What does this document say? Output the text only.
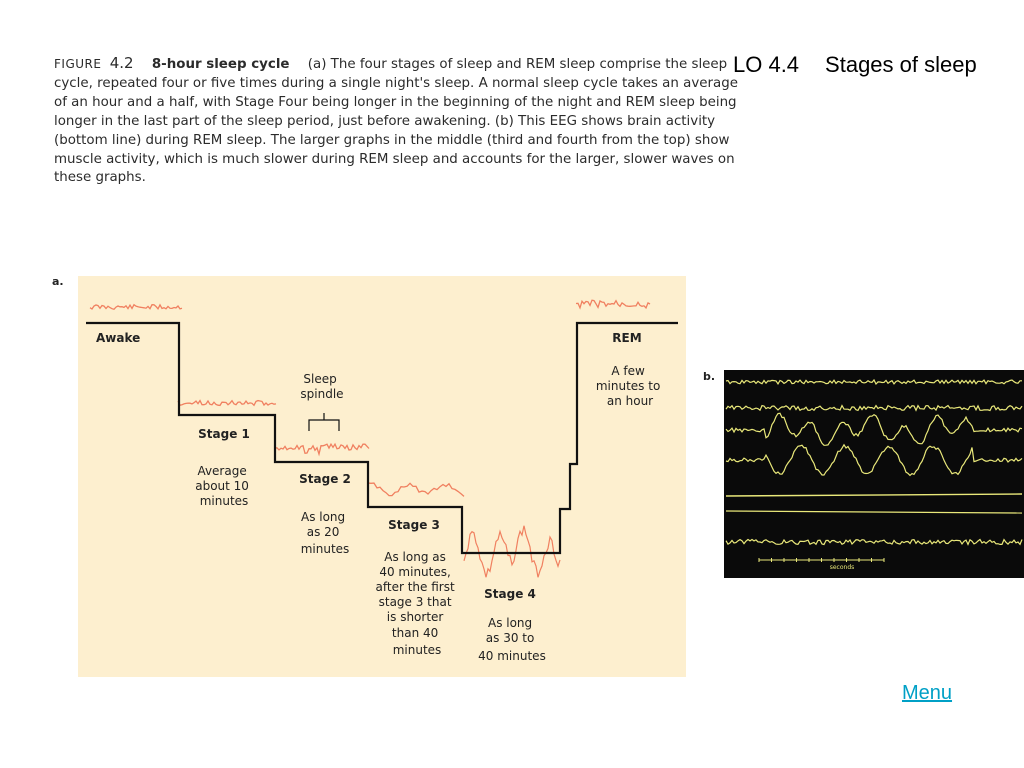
LO 4.4 Stages of sleep
FIGURE 4.2 8-hour sleep cycle (a) The four stages of sleep and REM sleep comprise the sleep cycle, repeated four or five times during a single night's sleep. A normal sleep cycle takes an average of an hour and a half, with Stage Four being longer in the beginning of the night and REM sleep being longer in the last part of the sleep period, just before awakening. (b) This EEG shows brain activity (bottom line) during REM sleep. The larger graphs in the middle (third and fourth from the top) show muscle activity, which is much slower during REM sleep and accounts for the larger, slower waves on these graphs.
a.
Awake	REM
A few minutes to an hour
Sleep spindle
Stage 1
Average about 10 minutes
Stage 2
As long as 20 minutes
Stage 3
As long as 40 minutes, after the first stage 3 that is shorter than 40 minutes
Stage 4
As long as 30 to 40 minutes
b.
seconds
Menu
